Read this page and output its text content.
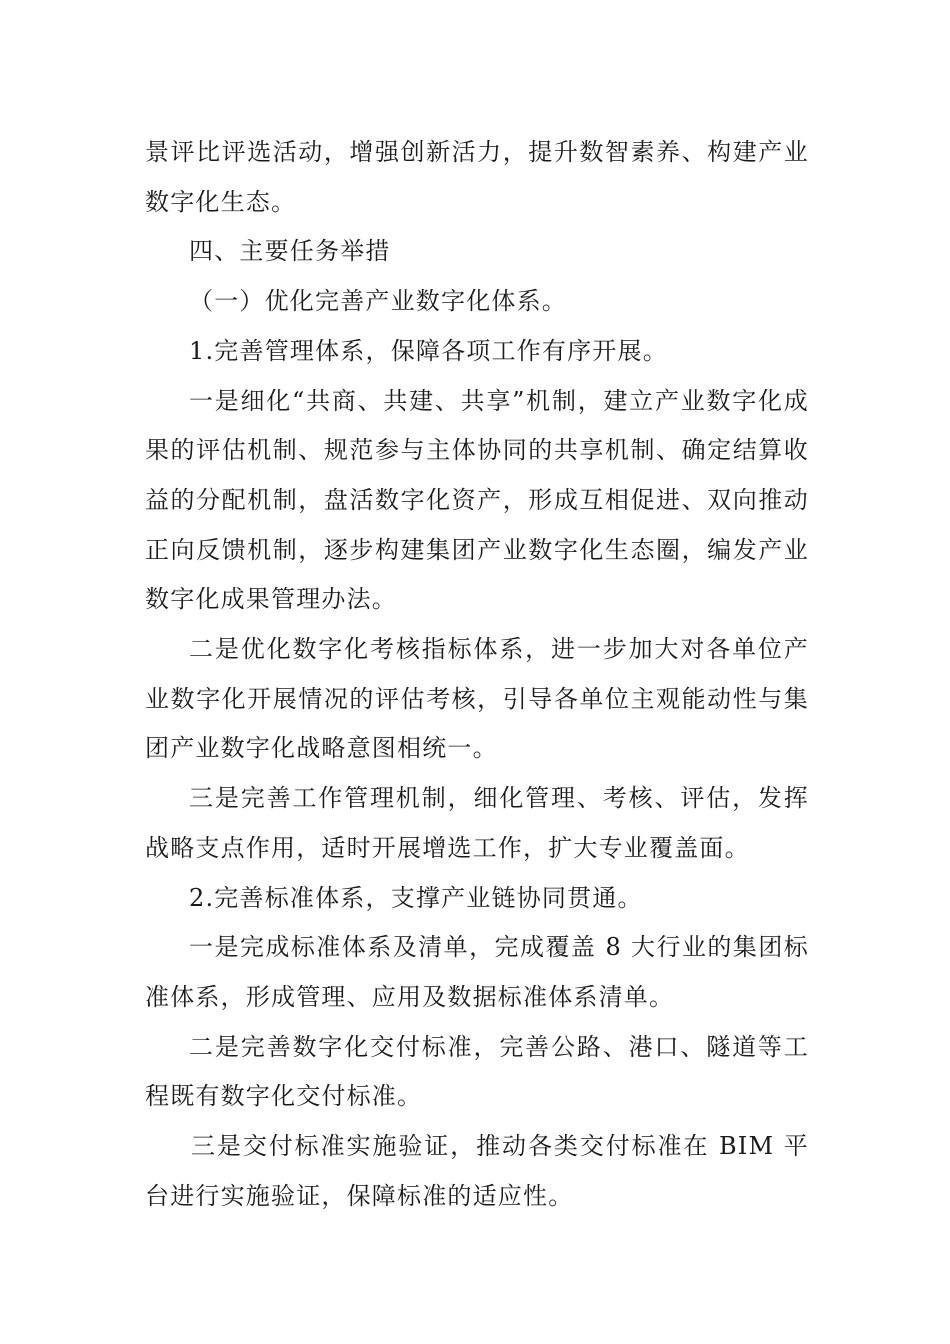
景评比评选活动，增强创新活力，提升数智素养、构建产业数字化生态。

四、主要任务举措

（一）优化完善产业数字化体系。

1.完善管理体系，保障各项工作有序开展。

一是细化“共商、共建、共享”机制，建立产业数字化成果的评估机制、规范参与主体协同的共享机制、确定结算收益的分配机制，盘活数字化资产，形成互相促进、双向推动正向反馈机制，逐步构建集团产业数字化生态圈，编发产业数字化成果管理办法。

二是优化数字化考核指标体系，进一步加大对各单位产业数字化开展情况的评估考核，引导各单位主观能动性与集团产业数字化战略意图相统一。

三是完善工作管理机制，细化管理、考核、评估，发挥战略支点作用，适时开展增选工作，扩大专业覆盖面。

2.完善标准体系，支撑产业链协同贯通。

一是完成标准体系及清单，完成覆盖 8 大行业的集团标准体系，形成管理、应用及数据标准体系清单。

二是完善数字化交付标准，完善公路、港口、隧道等工程既有数字化交付标准。

三是交付标准实施验证，推动各类交付标准在 BIM 平台进行实施验证，保障标准的适应性。
